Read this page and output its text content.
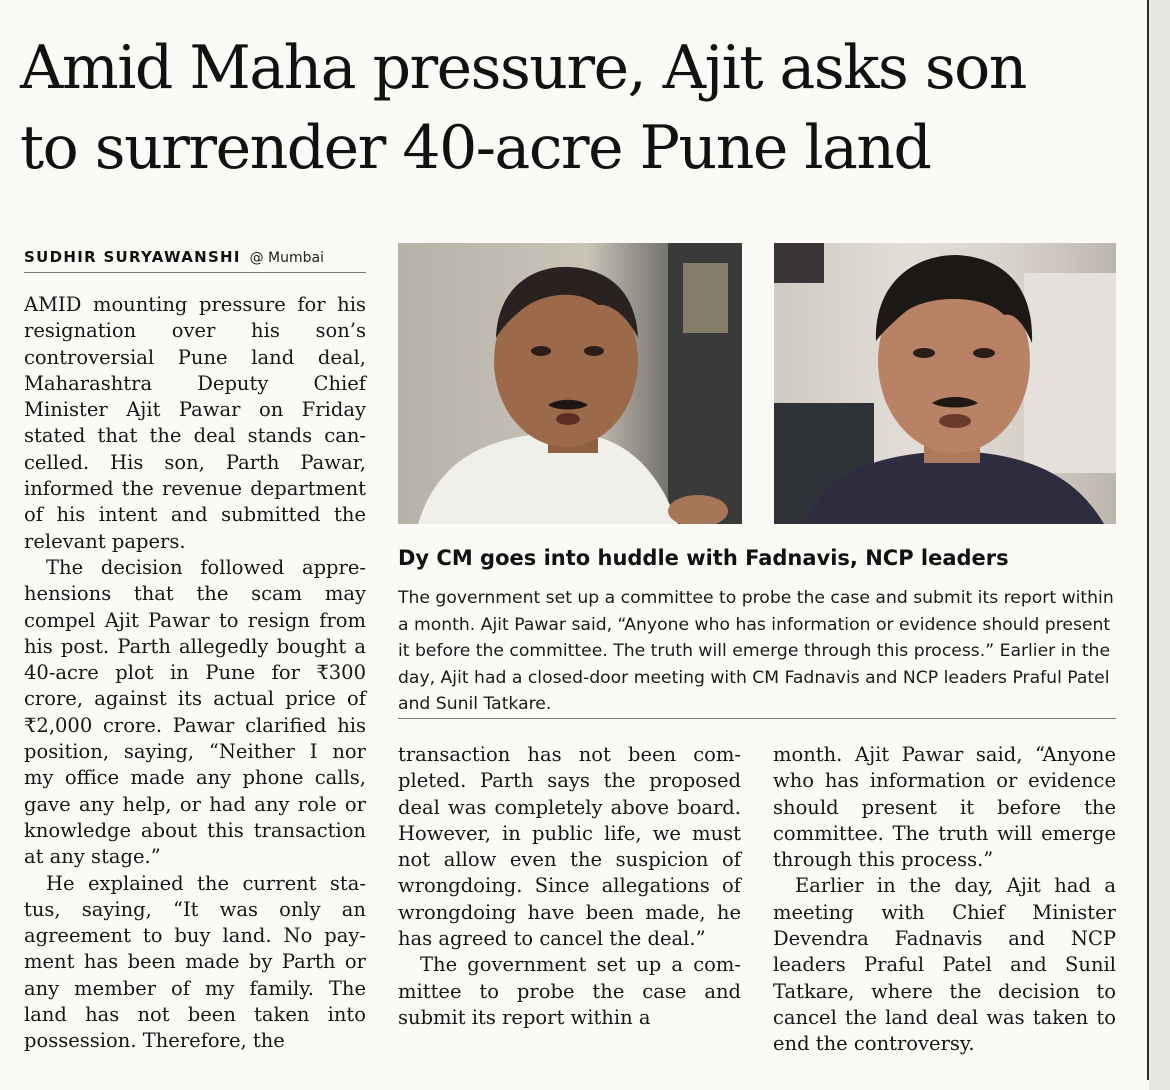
Amid Maha pressure, Ajit asks son
to surrender 40-acre Pune land
SUDHIR SURYAWANSHI @ Mumbai

AMID mounting pressure for his resignation over his son’s controversial Pune land deal, Maharashtra Deputy Chief Minister Ajit Pawar on Friday stated that the deal stands cancelled. His son, Parth Pawar, informed the revenue department of his intent and submitted the relevant papers.

The decision followed apprehensions that the scam may compel Ajit Pawar to resign from his post. Parth allegedly bought a 40-acre plot in Pune for ₹300 crore, against its actual price of ₹2,000 crore. Pawar clarified his position, saying, “Neither I nor my office made any phone calls, gave any help, or had any role or knowledge about this transaction at any stage.”

He explained the current status, saying, “It was only an agreement to buy land. No payment has been made by Parth or any member of my family. The land has not been taken into possession. Therefore, the

Dy CM goes into huddle with Fadnavis, NCP leaders

The government set up a committee to probe the case and submit its report within a month. Ajit Pawar said, “Anyone who has information or evidence should present it before the committee. The truth will emerge through this process.” Earlier in the day, Ajit had a closed-door meeting with CM Fadnavis and NCP leaders Praful Patel and Sunil Tatkare.

transaction has not been completed. Parth says the proposed deal was completely above board. However, in public life, we must not allow even the suspicion of wrongdoing. Since allegations of wrongdoing have been made, he has agreed to cancel the deal.”

The government set up a committee to probe the case and submit its report within a

month. Ajit Pawar said, “Anyone who has information or evidence should present it before the committee. The truth will emerge through this process.”

Earlier in the day, Ajit had a meeting with Chief Minister Devendra Fadnavis and NCP leaders Praful Patel and Sunil Tatkare, where the decision to cancel the land deal was taken to end the controversy.
